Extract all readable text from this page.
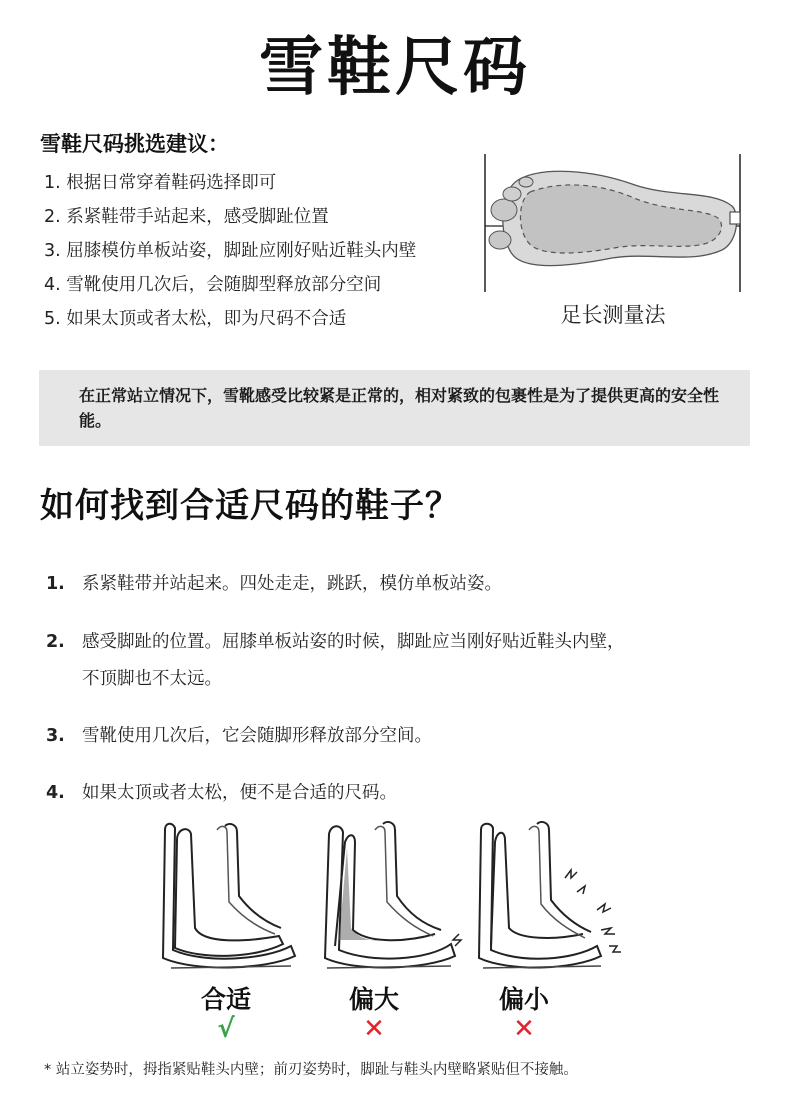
雪鞋尺码
雪鞋尺码挑选建议：
1. 根据日常穿着鞋码选择即可
2. 系紧鞋带手站起来，感受脚趾位置
3. 屈膝模仿单板站姿，脚趾应刚好贴近鞋头内壁
4. 雪靴使用几次后，会随脚型释放部分空间
5. 如果太顶或者太松，即为尺码不合适	足长测量法

在正常站立情况下，雪靴感受比较紧是正常的，相对紧致的包裹性是为了提供更高的安全性能。

如何找到合适尺码的鞋子？
1. 系紧鞋带并站起来。四处走走，跳跃，模仿单板站姿。
2. 感受脚趾的位置。屈膝单板站姿的时候，脚趾应当刚好贴近鞋头内壁，
不顶脚也不太远。
3. 雪靴使用几次后，它会随脚形释放部分空间。
4. 如果太顶或者太松，便不是合适的尺码。
合适	偏大	偏小
√	✕	✕
* 站立姿势时，拇指紧贴鞋头内壁；前刃姿势时，脚趾与鞋头内壁略紧贴但不接触。
